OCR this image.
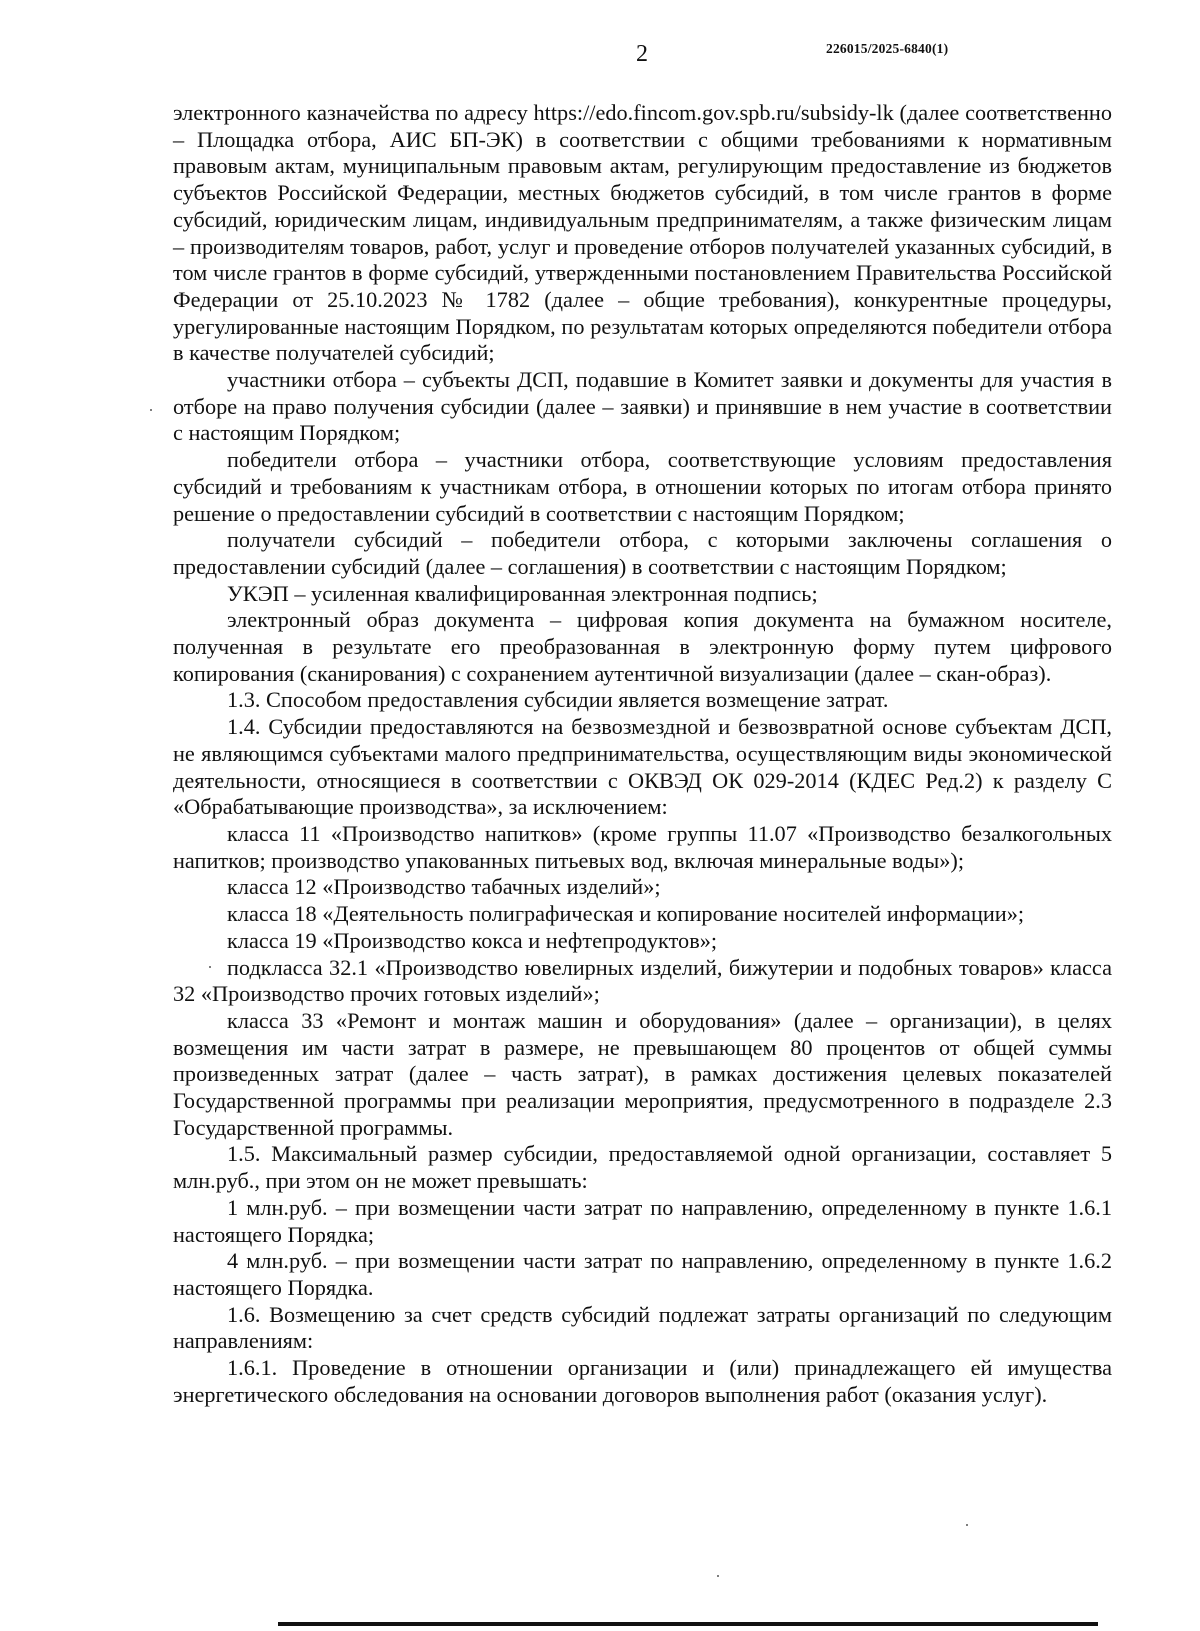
2	226015/2025-6840(1)

электронного казначейства по адресу https://edo.fincom.gov.spb.ru/subsidy-lk (далее соответственно – Площадка отбора, АИС БП-ЭК) в соответствии с общими требованиями к нормативным правовым актам, муниципальным правовым актам, регулирующим предоставление из бюджетов субъектов Российской Федерации, местных бюджетов субсидий, в том числе грантов в форме субсидий, юридическим лицам, индивидуальным предпринимателям, а также физическим лицам – производителям товаров, работ, услуг и проведение отборов получателей указанных субсидий, в том числе грантов в форме субсидий, утвержденными постановлением Правительства Российской Федерации от 25.10.2023 № 1782 (далее – общие требования), конкурентные процедуры, урегулированные настоящим Порядком, по результатам которых определяются победители отбора в качестве получателей субсидий;

участники отбора – субъекты ДСП, подавшие в Комитет заявки и документы для участия в отборе на право получения субсидии (далее – заявки) и принявшие в нем участие в соответствии с настоящим Порядком;

победители отбора – участники отбора, соответствующие условиям предоставления субсидий и требованиям к участникам отбора, в отношении которых по итогам отбора принято решение о предоставлении субсидий в соответствии с настоящим Порядком;

получатели субсидий – победители отбора, с которыми заключены соглашения о предоставлении субсидий (далее – соглашения) в соответствии с настоящим Порядком;

УКЭП – усиленная квалифицированная электронная подпись;

электронный образ документа – цифровая копия документа на бумажном носителе, полученная в результате его преобразованная в электронную форму путем цифрового копирования (сканирования) с сохранением аутентичной визуализации (далее – скан-образ).

1.3. Способом предоставления субсидии является возмещение затрат.

1.4. Субсидии предоставляются на безвозмездной и безвозвратной основе субъектам ДСП, не являющимся субъектами малого предпринимательства, осуществляющим виды экономической деятельности, относящиеся в соответствии с ОКВЭД ОК 029-2014 (КДЕС Ред.2) к разделу С «Обрабатывающие производства», за исключением:

класса 11 «Производство напитков» (кроме группы 11.07 «Производство безалкогольных напитков; производство упакованных питьевых вод, включая минеральные воды»);

класса 12 «Производство табачных изделий»;

класса 18 «Деятельность полиграфическая и копирование носителей информации»;

класса 19 «Производство кокса и нефтепродуктов»;

подкласса 32.1 «Производство ювелирных изделий, бижутерии и подобных товаров» класса 32 «Производство прочих готовых изделий»;

класса 33 «Ремонт и монтаж машин и оборудования» (далее – организации), в целях возмещения им части затрат в размере, не превышающем 80 процентов от общей суммы произведенных затрат (далее – часть затрат), в рамках достижения целевых показателей Государственной программы при реализации мероприятия, предусмотренного в подразделе 2.3 Государственной программы.

1.5. Максимальный размер субсидии, предоставляемой одной организации, составляет 5 млн.руб., при этом он не может превышать:

1 млн.руб. – при возмещении части затрат по направлению, определенному в пункте 1.6.1 настоящего Порядка;

4 млн.руб. – при возмещении части затрат по направлению, определенному в пункте 1.6.2 настоящего Порядка.

1.6. Возмещению за счет средств субсидий подлежат затраты организаций по следующим направлениям:

1.6.1. Проведение в отношении организации и (или) принадлежащего ей имущества энергетического обследования на основании договоров выполнения работ (оказания услуг).
